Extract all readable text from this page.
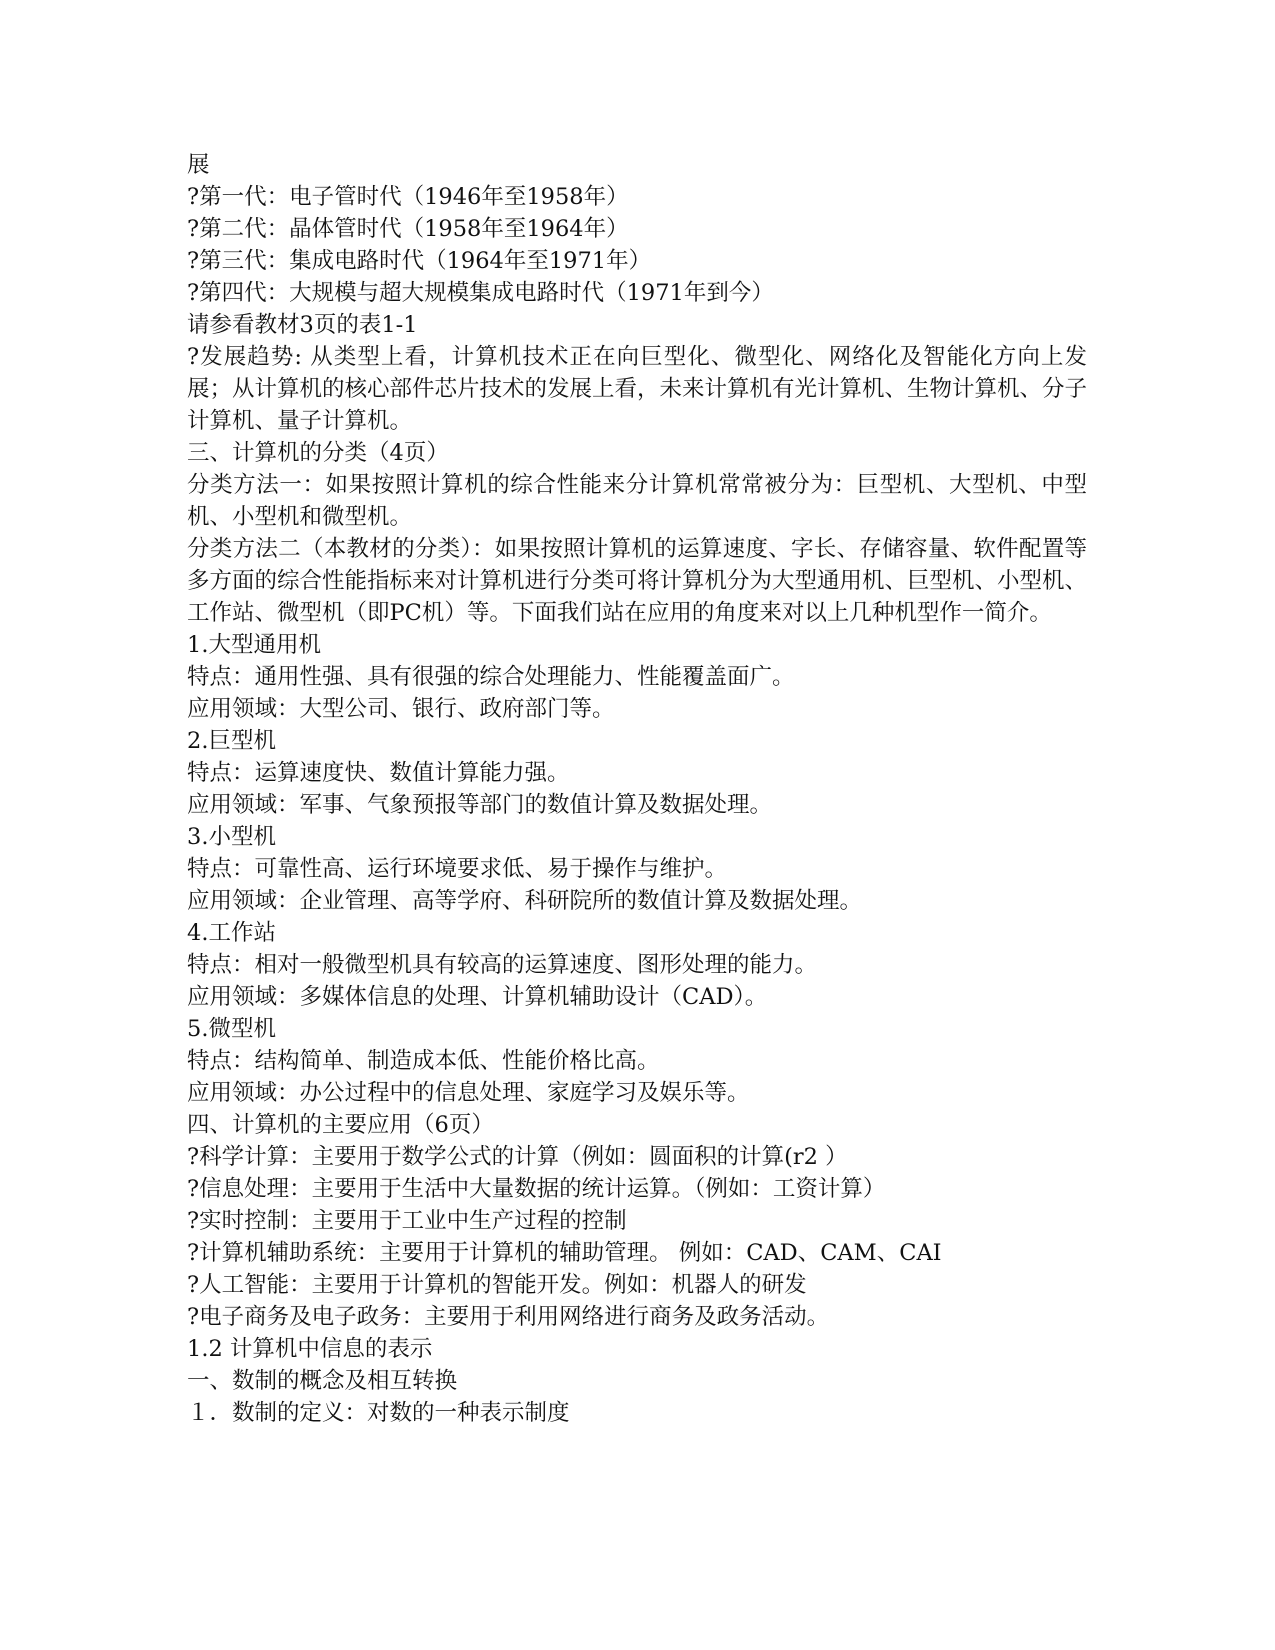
展
?第一代：电子管时代（1946年至1958年）
?第二代：晶体管时代（1958年至1964年）
?第三代：集成电路时代（1964年至1971年）
?第四代：大规模与超大规模集成电路时代（1971年到今）
请参看教材3页的表1-1
?发展趋势: 从类型上看，计算机技术正在向巨型化、微型化、网络化及智能化方向上发展；从计算机的核心部件芯片技术的发展上看，未来计算机有光计算机、生物计算机、分子计算机、量子计算机。
三、计算机的分类（4页）
分类方法一：如果按照计算机的综合性能来分计算机常常被分为：巨型机、大型机、中型机、小型机和微型机。
分类方法二（本教材的分类）：如果按照计算机的运算速度、字长、存储容量、软件配置等多方面的综合性能指标来对计算机进行分类可将计算机分为大型通用机、巨型机、小型机、工作站、微型机（即PC机）等。下面我们站在应用的角度来对以上几种机型作一简介。
1.大型通用机
特点：通用性强、具有很强的综合处理能力、性能覆盖面广。
应用领域：大型公司、银行、政府部门等。
2.巨型机
特点：运算速度快、数值计算能力强。
应用领域：军事、气象预报等部门的数值计算及数据处理。
3.小型机
特点：可靠性高、运行环境要求低、易于操作与维护。
应用领域：企业管理、高等学府、科研院所的数值计算及数据处理。
4.工作站
特点：相对一般微型机具有较高的运算速度、图形处理的能力。
应用领域：多媒体信息的处理、计算机辅助设计（CAD）。
5.微型机
特点：结构简单、制造成本低、性能价格比高。
应用领域：办公过程中的信息处理、家庭学习及娱乐等。
四、计算机的主要应用（6页）
?科学计算：主要用于数学公式的计算（例如：圆面积的计算(r2 ）
?信息处理：主要用于生活中大量数据的统计运算。（例如：工资计算）
?实时控制：主要用于工业中生产过程的控制
?计算机辅助系统：主要用于计算机的辅助管理。 例如：CAD、CAM、CAI
?人工智能：主要用于计算机的智能开发。例如：机器人的研发
?电子商务及电子政务：主要用于利用网络进行商务及政务活动。
1.2 计算机中信息的表示
一、数制的概念及相互转换
１．数制的定义：对数的一种表示制度
